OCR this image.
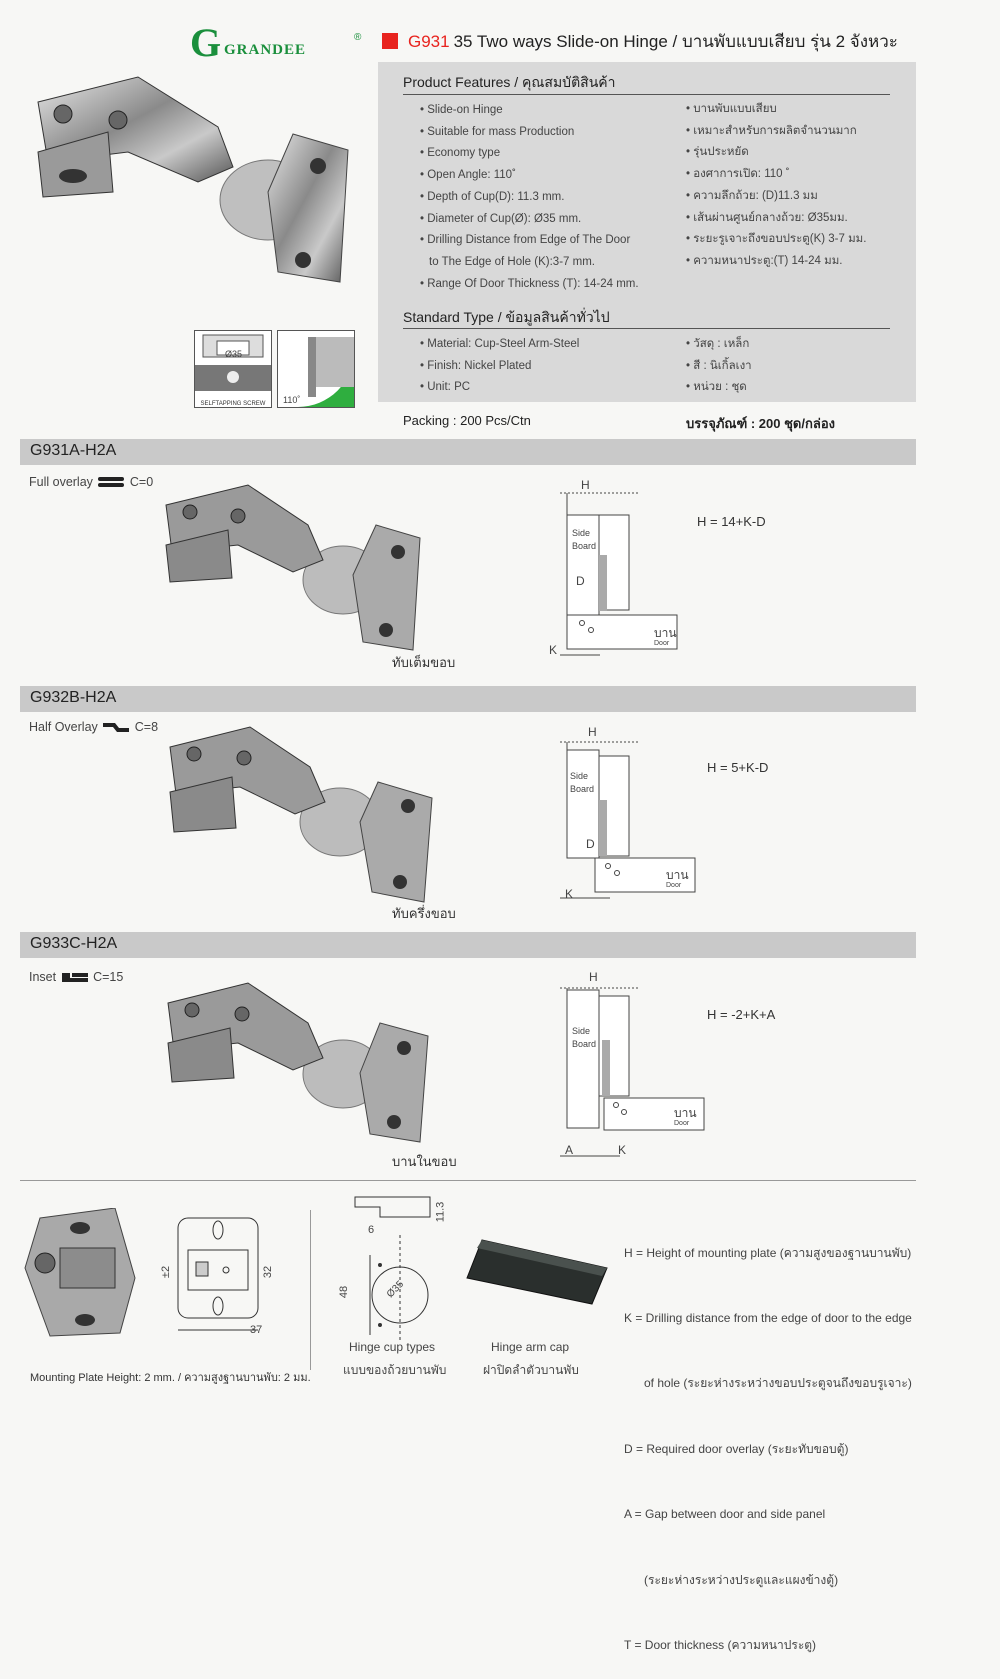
G GRANDEE
®	G931 35 Two ways Slide-on Hinge / บานพับแบบเสียบ รุ่น 2 จังหวะ
Ø35
SELFTAPPING SCREW	110˚
Product Features / คุณสมบัติสินค้า
• Slide-on Hinge
• Suitable for mass Production
• Economy type
• Open Angle: 110˚
• Depth of Cup(D): 11.3 mm.
• Diameter of Cup(Ø): Ø35 mm.
• Drilling Distance from Edge of The Door
to The Edge of Hole (K):3-7 mm.
• Range Of Door Thickness (T): 14-24 mm.
• บานพับแบบเสียบ
• เหมาะสำหรับการผลิตจำนวนมาก
• รุ่นประหยัด
• องศาการเปิด: 110 ˚
• ความลึกถ้วย: (D)11.3 มม
• เส้นผ่านศูนย์กลางถ้วย: Ø35มม.
• ระยะรูเจาะถึงขอบประตู(K) 3-7 มม.
• ความหนาประตู:(T) 14-24 มม.
Standard Type / ข้อมูลสินค้าทั่วไป
• Material: Cup-Steel Arm-Steel
• Finish: Nickel Plated
• Unit: PC
• วัสดุ : เหล็ก
• สี : นิเกิ้ลเงา
• หน่วย : ชุด
Packing : 200 Pcs/Ctn	บรรจุภัณฑ์ : 200 ชุด/กล่อง
G931A-H2A
Full overlay	C=0
ทับเต็มขอบ
H
Side
Board
D
K
บาน
Door
H = 14+K-D
G932B-H2A
Half Overlay	C=8
ทับครึ่งขอบ
H
Side
Board
D
K
บาน
Door
H = 5+K-D
G933C-H2A
Inset	C=15
บานในขอบ
H
Side
Board
A	K
บาน
Door
H = -2+K+A
±2	32
37
11.3
6
48	Ø35
Hinge cup types
แบบของถ้วยบานพับ
Hinge arm cap
ฝาปิดลำตัวบานพับ

H = Height of mounting plate (ความสูงของฐานบานพับ)

K = Drilling distance from the edge of door to the edge

of hole (ระยะห่างระหว่างขอบประตูจนถึงขอบรูเจาะ)

D = Required door overlay (ระยะทับขอบตู้)

A = Gap between door and side panel

(ระยะห่างระหว่างประตูและแผงข้างตู้)

T = Door thickness (ความหนาประตู)

Mounting Plate Height: 2 mm. / ความสูงฐานบานพับ: 2 มม.
